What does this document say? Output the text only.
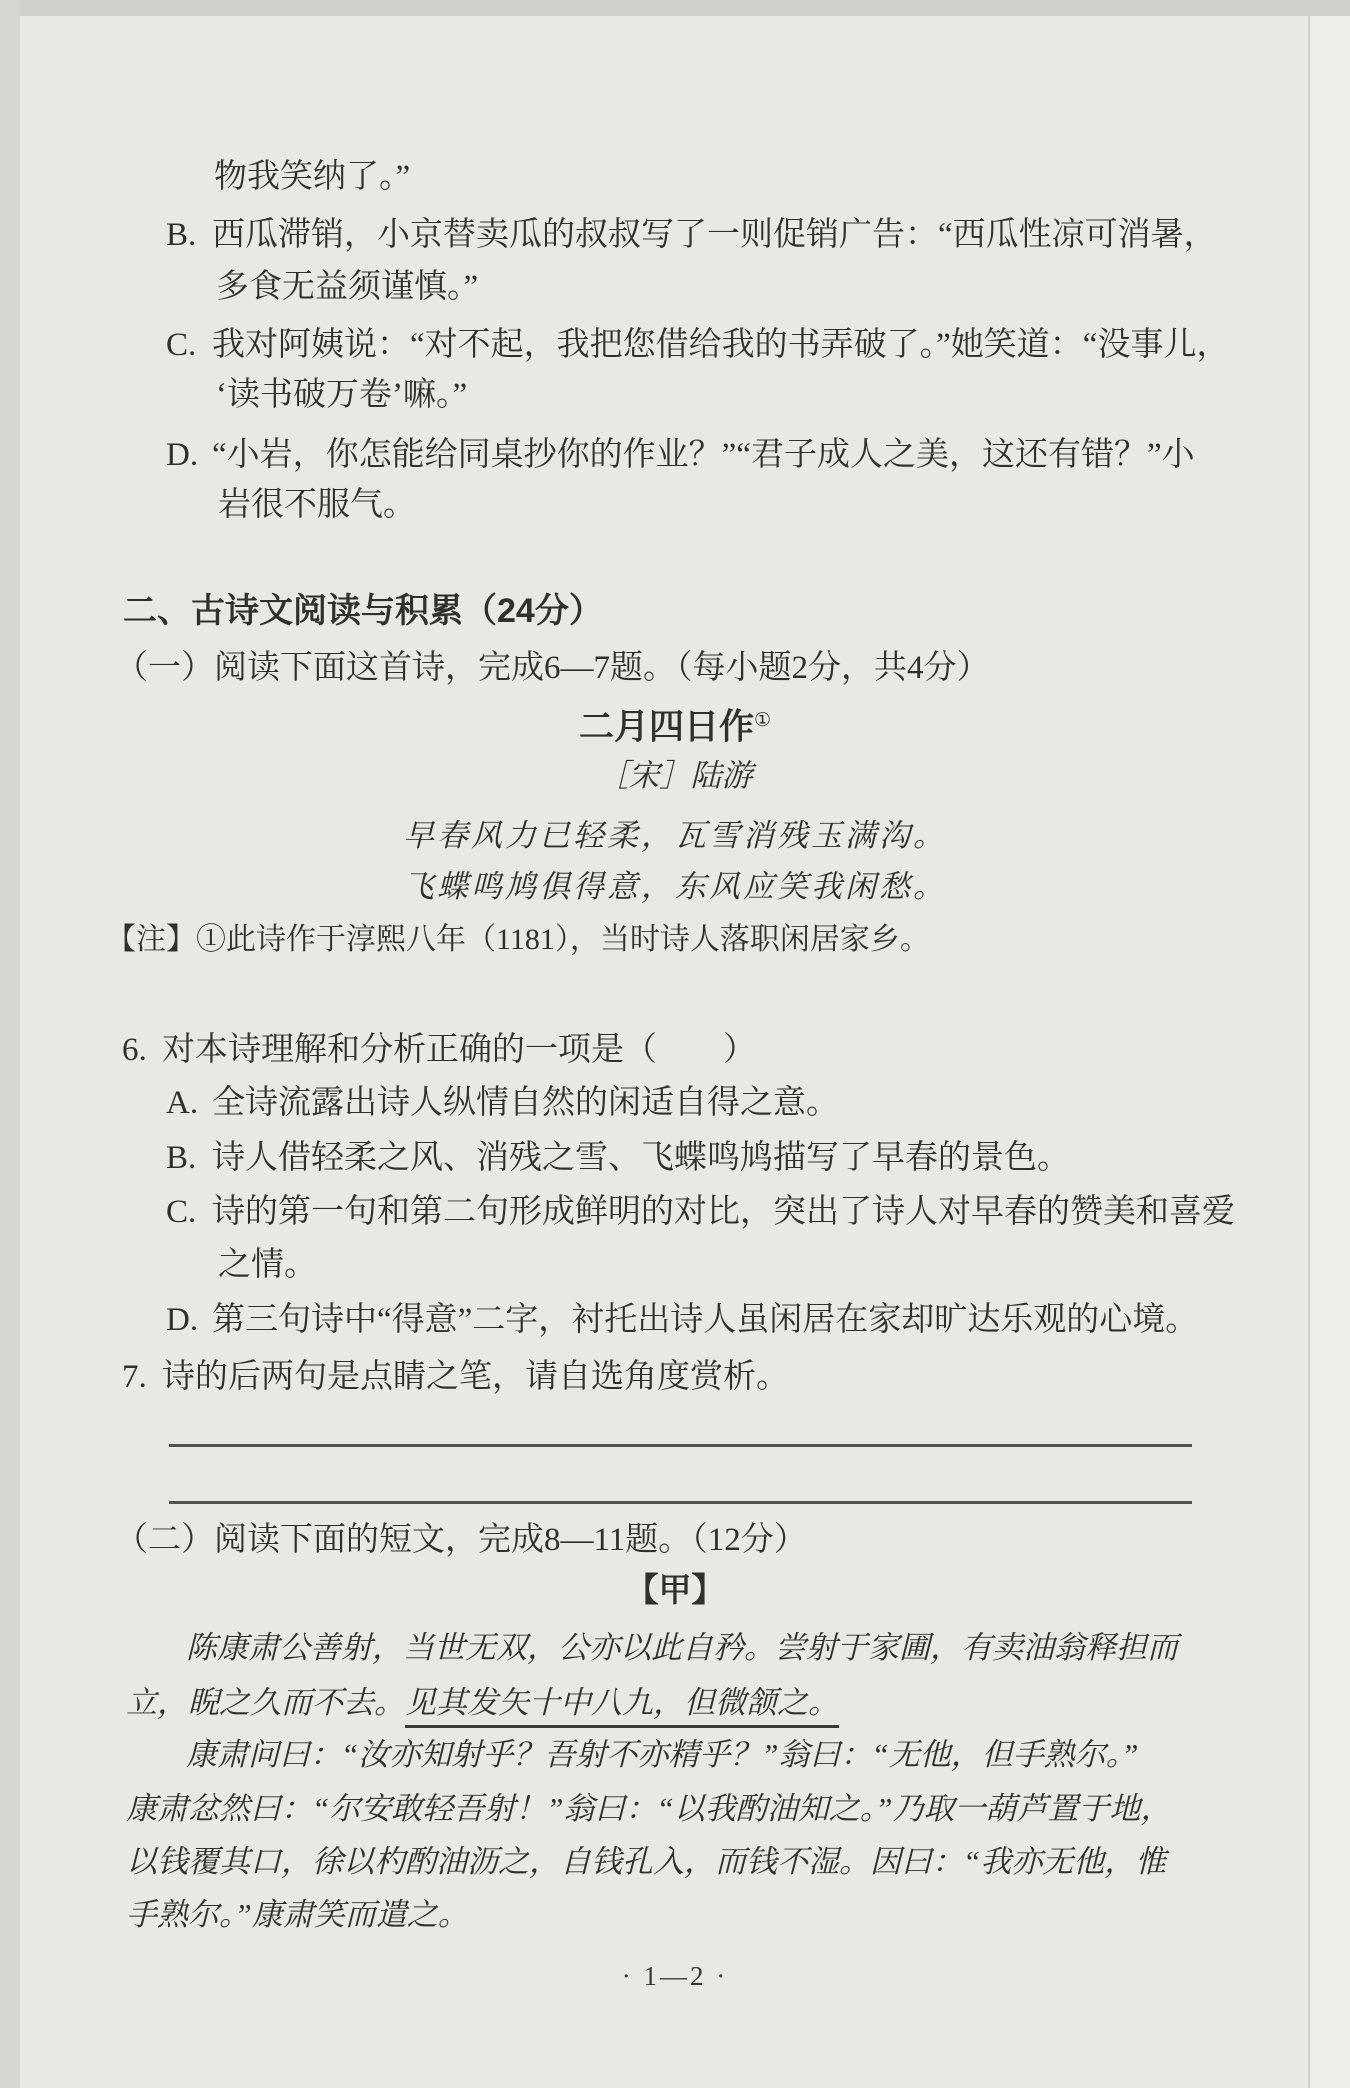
物我笑纳了。”
B. 西瓜滞销，小京替卖瓜的叔叔写了一则促销广告：“西瓜性凉可消暑，
多食无益须谨慎。”
C. 我对阿姨说：“对不起，我把您借给我的书弄破了。”她笑道：“没事儿，
‘读书破万卷’嘛。”
D. “小岩，你怎能给同桌抄你的作业？”“君子成人之美，这还有错？”小
岩很不服气。
二、古诗文阅读与积累（24分）
（一）阅读下面这首诗，完成6—7题。（每小题2分，共4分）
二月四日作①
［宋］陆游
早春风力已轻柔，瓦雪消残玉满沟。
飞蝶鸣鸠俱得意，东风应笑我闲愁。
【注】①此诗作于淳熙八年（1181），当时诗人落职闲居家乡。
6. 对本诗理解和分析正确的一项是（　　）
A. 全诗流露出诗人纵情自然的闲适自得之意。
B. 诗人借轻柔之风、消残之雪、飞蝶鸣鸠描写了早春的景色。
C. 诗的第一句和第二句形成鲜明的对比，突出了诗人对早春的赞美和喜爱
之情。
D. 第三句诗中“得意”二字，衬托出诗人虽闲居在家却旷达乐观的心境。
7. 诗的后两句是点睛之笔，请自选角度赏析。
（二）阅读下面的短文，完成8—11题。（12分）
【甲】
陈康肃公善射，当世无双，公亦以此自矜。尝射于家圃，有卖油翁释担而
立，睨之久而不去。见其发矢十中八九，但微颔之。
康肃问曰：“汝亦知射乎？吾射不亦精乎？”翁曰：“无他，但手熟尔。”
康肃忿然曰：“尔安敢轻吾射！”翁曰：“以我酌油知之。”乃取一葫芦置于地，
以钱覆其口，徐以杓酌油沥之，自钱孔入，而钱不湿。因曰：“我亦无他，惟
手熟尔。”康肃笑而遣之。
· 1—2 ·
